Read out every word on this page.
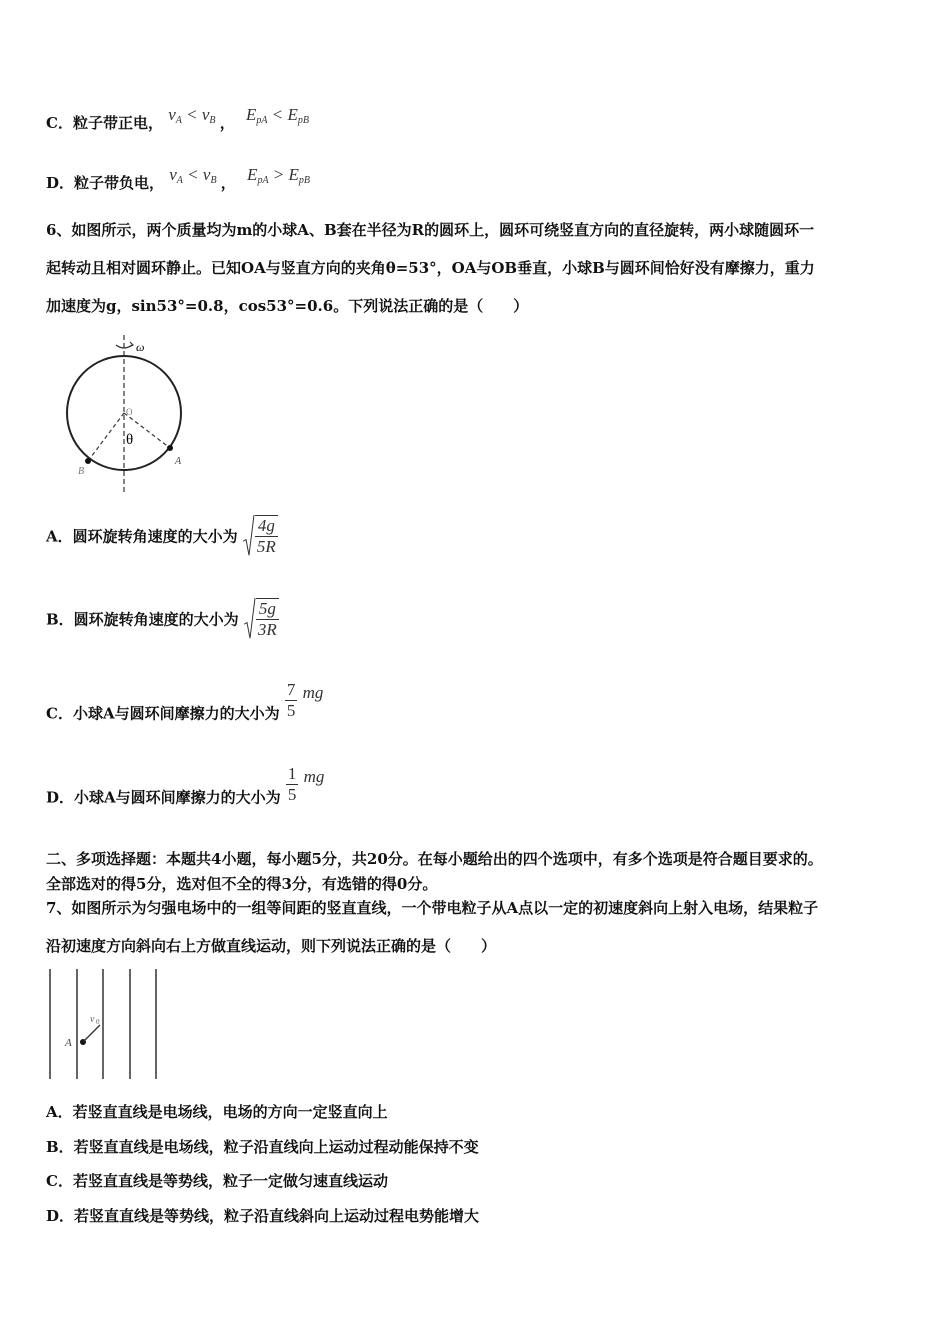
C．粒子带正电， $v_A < v_B$ ， $E_{pA} < E_{pB}$
D．粒子带负电， $v_A < v_B$ ， $E_{pA} > E_{pB}$
6、如图所示，两个质量均为m的小球A、B套在半径为R的圆环上，圆环可绕竖直方向的直径旋转，两小球随圆环一
起转动且相对圆环静止。已知OA与竖直方向的夹角θ=53°，OA与OB垂直，小球B与圆环间恰好没有摩擦力，重力
加速度为g，sin53°=0.8，cos53°=0.6。下列说法正确的是（　　）
ω
O
θ
A
B
A．圆环旋转角速度的大小为 $\frac{4g}{5R}$
B．圆环旋转角速度的大小为 $\frac{5g}{3R}$
C．小球A与圆环间摩擦力的大小为 $\frac{7}{5}$ mg
D．小球A与圆环间摩擦力的大小为 $\frac{1}{5}$ mg
二、多项选择题：本题共4小题，每小题5分，共20分。在每小题给出的四个选项中，有多个选项是符合题目要求的。
全部选对的得5分，选对但不全的得3分，有选错的得0分。
7、如图所示为匀强电场中的一组等间距的竖直直线，一个带电粒子从A点以一定的初速度斜向上射入电场，结果粒子
沿初速度方向斜向右上方做直线运动，则下列说法正确的是（　　）
A
v 0
A．若竖直直线是电场线，电场的方向一定竖直向上
B．若竖直直线是电场线，粒子沿直线向上运动过程动能保持不变
C．若竖直直线是等势线，粒子一定做匀速直线运动
D．若竖直直线是等势线，粒子沿直线斜向上运动过程电势能增大
